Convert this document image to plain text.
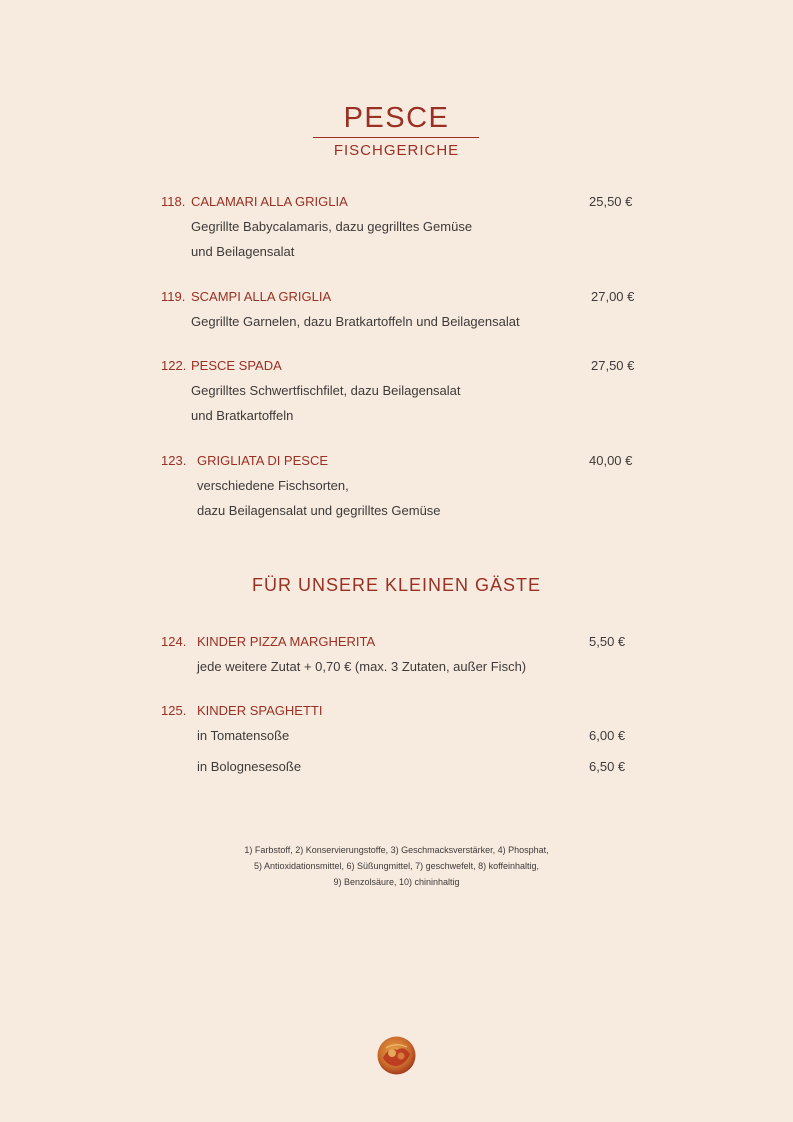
PESCE
FISCHGERICHE
118. CALAMARI ALLA GRIGLIA	25,50 €
Gegrillte Babycalamaris, dazu gegrilltes Gemüse
und Beilagensalat
119. SCAMPI ALLA GRIGLIA	27,00 €
Gegrillte Garnelen, dazu Bratkartoffeln und Beilagensalat
122. PESCE SPADA	27,50 €
Gegrilltes Schwertfischfilet, dazu Beilagensalat
und Bratkartoffeln
123. GRIGLIATA DI PESCE	40,00 €
verschiedene Fischsorten,
dazu Beilagensalat und gegrilltes Gemüse
FÜR UNSERE KLEINEN GÄSTE
124. KINDER PIZZA MARGHERITA	5,50 €
jede weitere Zutat + 0,70 € (max. 3 Zutaten, außer Fisch)
125. KINDER SPAGHETTI
in Tomatensoße	6,00 €
in Bolognesesoße	6,50 €
1) Farbstoff, 2) Konservierungstoffe, 3) Geschmacksverstärker, 4) Phosphat,
5) Antioxidationsmittel, 6) Süßungmittel, 7) geschwefelt, 8) koffeinhaltig,
9) Benzolsäure, 10) chininhaltig
